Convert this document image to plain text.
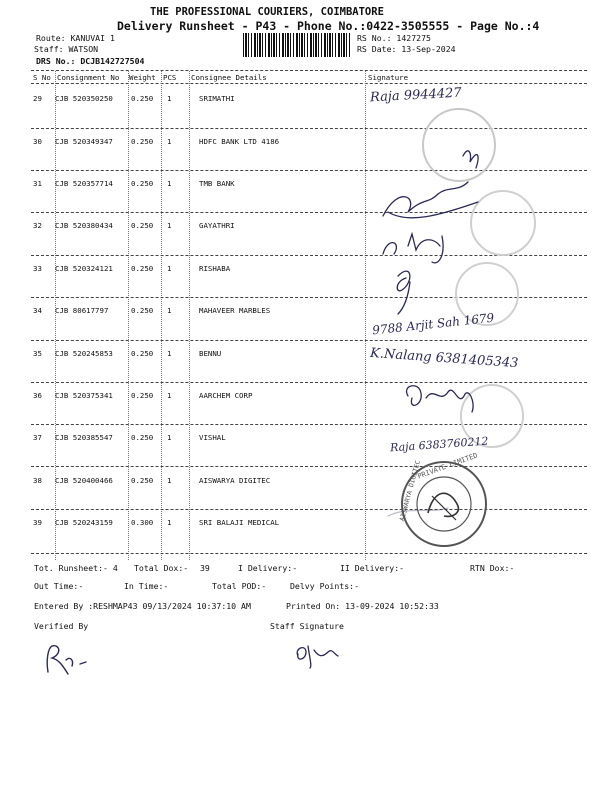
THE PROFESSIONAL COURIERS, COIMBATORE
Delivery Runsheet - P43 - Phone No.:0422-3505555 - Page No.:4
Route: KANUVAI 1
Staff: WATSON
DRS No.: DCJB142727504
RS No.: 1427275
RS Date: 13-Sep-2024
S No Consignment No Weight PCS Consignee Details	Signature
29 CJB 520350250 0.250 1	SRIMATHI
30 CJB 520349347 0.250 1	HDFC BANK LTD 4186
31 CJB 520357714 0.250 1	TMB BANK
32 CJB 520380434 0.250 1	GAYATHRI
33 CJB 520324121 0.250 1	RISHABA
34 CJB 80617797	0.250 1	MAHAVEER MARBLES
35 CJB 520245853 0.250 1	BENNU
36 CJB 520375341 0.250 1	AARCHEM CORP
37 CJB 520385547 0.250 1	VISHAL
38 CJB 520400466 0.250 1	AISWARYA DIGITEC
39 CJB 520243159 0.300 1	SRI BALAJI MEDICAL
PRIVATE LIMITED
AISWARYA DIGITEC
Raja 9944427
9788 Arjit Sah 1679
K.Nalang 6381405343
Raja 6383760212
Tot. Runsheet:- 4 Total Dox:- 39	I Delivery:-	II Delivery:-	RTN Dox:-
Out Time:-	In Time:-	Total POD:-	Delvy Points:-
Entered By :RESHMAP43 09/13/2024 10:37:10 AM	Printed On: 13-09-2024 10:52:33
Verified By	Staff Signature
